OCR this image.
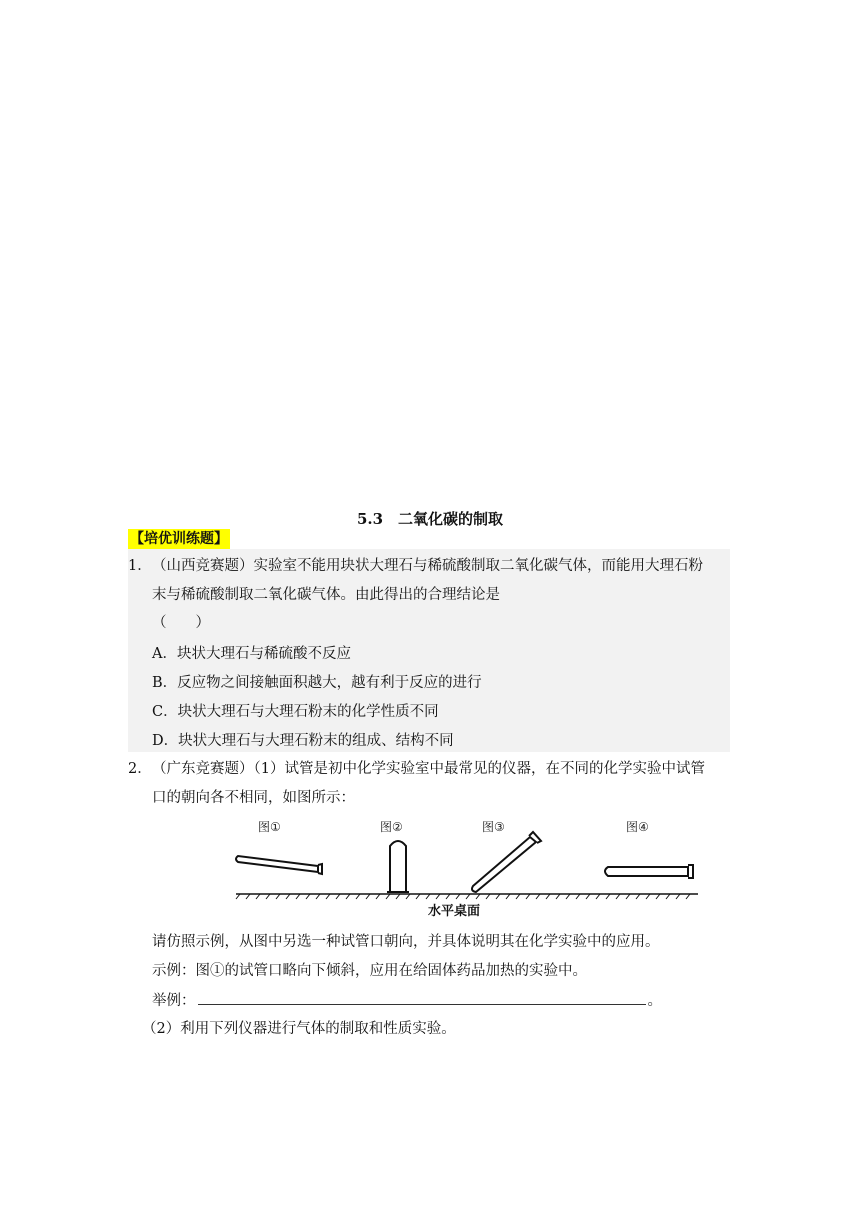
5.3　二氧化碳的制取
【培优训练题】
1． （山西竞赛题）实验室不能用块状大理石与稀硫酸制取二氧化碳气体，而能用大理石粉
末与稀硫酸制取二氧化碳气体。由此得出的合理结论是
（　　）
A．块状大理石与稀硫酸不反应
B．反应物之间接触面积越大，越有利于反应的进行
C．块状大理石与大理石粉末的化学性质不同
D．块状大理石与大理石粉末的组成、结构不同
2． （广东竞赛题）（1）试管是初中化学实验室中最常见的仪器，在不同的化学实验中试管
口的朝向各不相同，如图所示：
图①	图②	图③	图④
水平桌面
请仿照示例，从图中另选一种试管口朝向，并具体说明其在化学实验中的应用。
示例：图①的试管口略向下倾斜，应用在给固体药品加热的实验中。
举例：	。
（2）利用下列仪器进行气体的制取和性质实验。
